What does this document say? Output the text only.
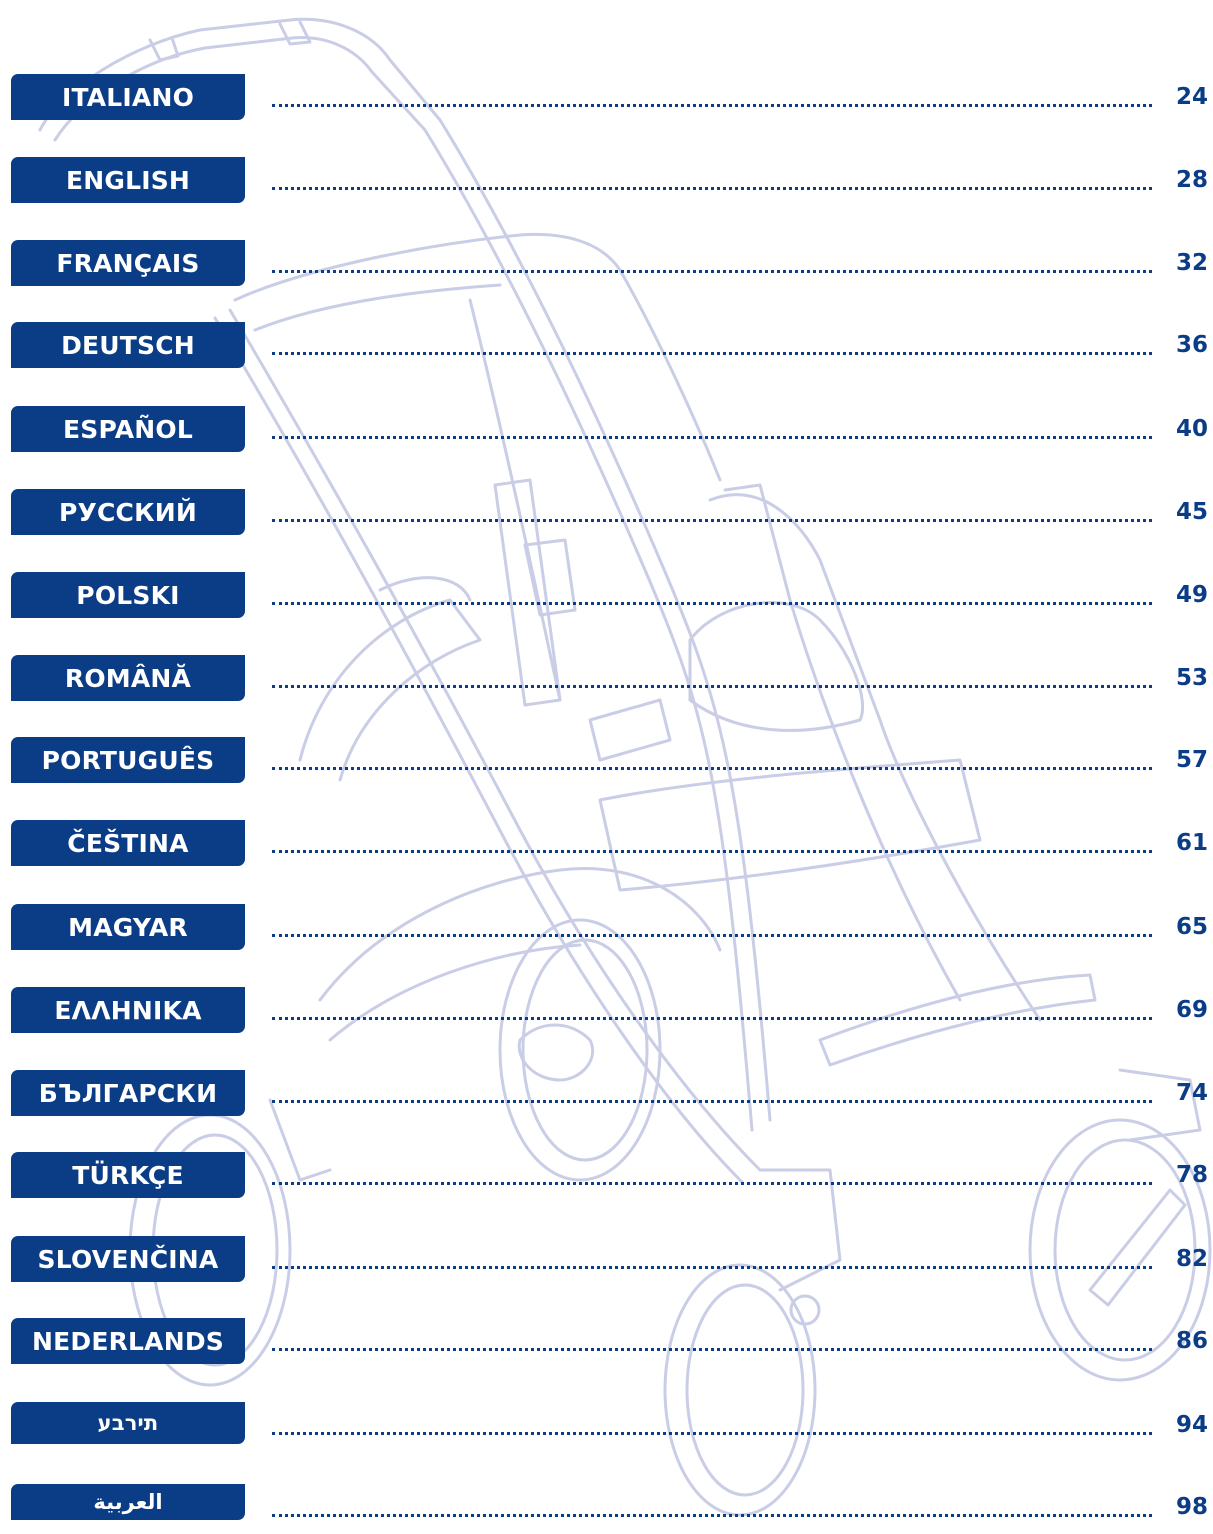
ITALIANO	24
ENGLISH	28
FRANÇAIS	32
DEUTSCH	36
ESPAÑOL	40
РУССКИЙ	45
POLSKI	49
ROMÂNĂ	53
PORTUGUÊS	57
ČEŠTINA	61
MAGYAR	65
ΕΛΛΗΝΙΚΑ	69
БЪЛГАРСКИ	74
TÜRKÇE	78
SLOVENČINA	82
NEDERLANDS	86
תירבע	94
العربية	98
